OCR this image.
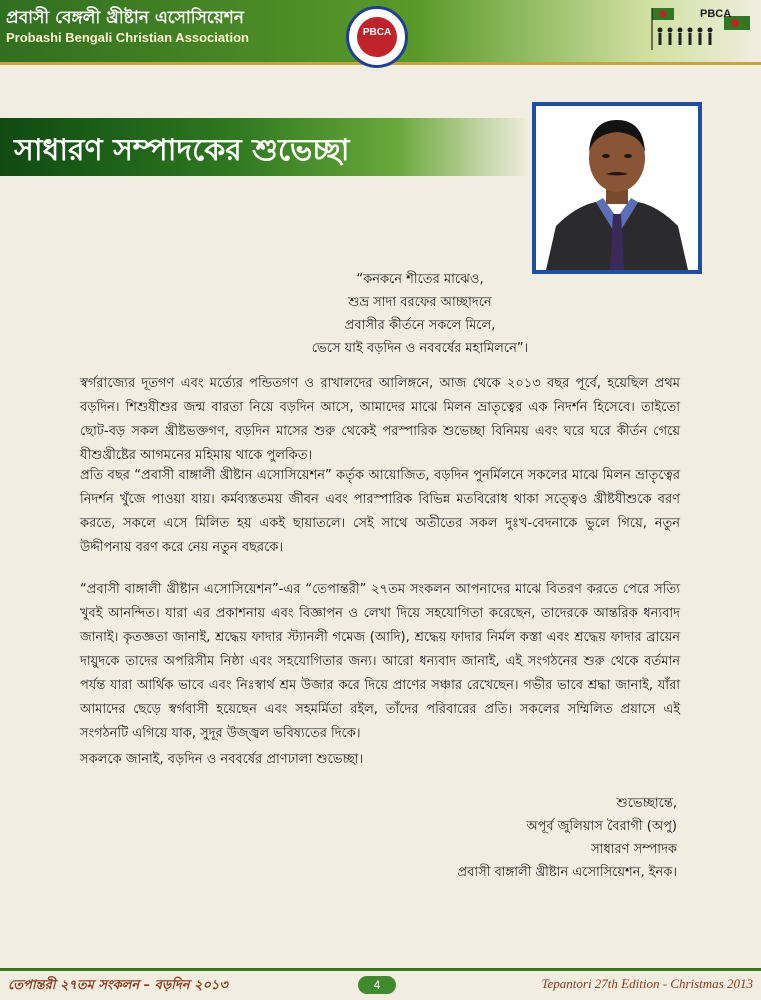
প্রবাসী বেঙ্গলী খ্রীষ্টান এসোসিয়েশন
Probashi Bengali Christian Association	PBCA
PBCA
সাধারণ সম্পাদকের শুভেচ্ছা
“কনকনে শীতের মাঝেও,
শুভ্র সাদা বরফের আচ্ছাদনে
প্রবাসীর কীর্তনে সকলে মিলে,
ভেসে যাই বড়দিন ও নববর্ষের মহামিলনে”।
স্বর্গরাজ্যের দূতগণ এবং মর্ত্যের পন্ডিতগণ ও রাখালদের আলিঙ্গনে, আজ থেকে ২০১৩ বছর পূর্বে, হয়েছিল প্রথম বড়দিন। শিশুযীশুর জন্ম বারতা নিয়ে বড়দিন আসে, আমাদের মাঝে মিলন ভ্রাতৃত্বের এক নিদর্শন হিসেবে। তাইতো ছোট-বড় সকল খ্রীষ্টভক্তগণ, বড়দিন মাসের শুরু থেকেই পরস্পারিক শুভেচ্ছা বিনিময় এবং ঘরে ঘরে কীর্তন গেয়ে যীশুখ্রীষ্টের আগমনের মহিমায় থাকে পুলকিত।
প্রতি বছর “প্রবাসী বাঙ্গালী খ্রীষ্টান এসোসিয়েশন” কর্তৃক আয়োজিত, বড়দিন পুনর্মিলনে সকলের মাঝে মিলন ভ্রাতৃত্বের নিদর্শন খুঁজে পাওয়া যায়। কর্মব্যস্ততময় জীবন এবং পারস্পারিক বিভিন্ন মতবিরোধ থাকা সত্ত্বেও খ্রীষ্টযীশুকে বরণ করতে, সকলে এসে মিলিত হয় একই ছায়াতলে। সেই সাথে অতীতের সকল দুঃখ-বেদনাকে ভুলে গিয়ে, নতুন উদ্দীপনায় বরণ করে নেয় নতুন বছরকে।
“প্রবাসী বাঙ্গালী খ্রীষ্টান এসোসিয়েশন”-এর “তেপান্তরী” ২৭তম সংকলন আপনাদের মাঝে বিতরণ করতে পেরে সত্যি খুবই আনন্দিত। যারা এর প্রকাশনায় এবং বিজ্ঞাপন ও লেখা দিয়ে সহযোগিতা করেছেন, তাদেরকে আন্তরিক ধন্যবাদ জানাই। কৃতজ্ঞতা জানাই, শ্রদ্ধেয় ফাদার স্ট্যানলী গমেজ (আদি), শ্রদ্ধেয় ফাদার নির্মল কস্তা এবং শ্রদ্ধেয় ফাদার ব্রায়েন দায়ুদকে তাদের অপরিসীম নিষ্ঠা এবং সহযোগিতার জন্য। আরো ধন্যবাদ জানাই, এই সংগঠনের শুরু থেকে বর্তমান পর্যন্ত যারা আর্থিক ভাবে এবং নিঃস্বার্থ শ্রম উজার করে দিয়ে প্রাণের সঞ্চার রেখেছেন। গভীর ভাবে শ্রদ্ধা জানাই, যাঁরা আমাদের ছেড়ে স্বর্গবাসী হয়েছেন এবং সহমর্মিতা রইল, তাঁদের পরিবারের প্রতি। সকলের সম্মিলিত প্রয়াসে এই সংগঠনটি এগিয়ে যাক, সুদূর উজ্জ্বল ভবিষ্যতের দিকে।
সকলকে জানাই, বড়দিন ও নববর্ষের প্রাণঢালা শুভেচ্ছা।
শুভেচ্ছান্তে,
অপূর্ব জুলিয়াস বৈরাগী (অপু)
সাধারণ সম্পাদক
প্রবাসী বাঙ্গালী খ্রীষ্টান এসোসিয়েশন, ইনক।
তেপান্তরী ২৭তম সংকলন – বড়দিন ২০১৩	4	Tepantori 27th Edition - Christmas 2013
